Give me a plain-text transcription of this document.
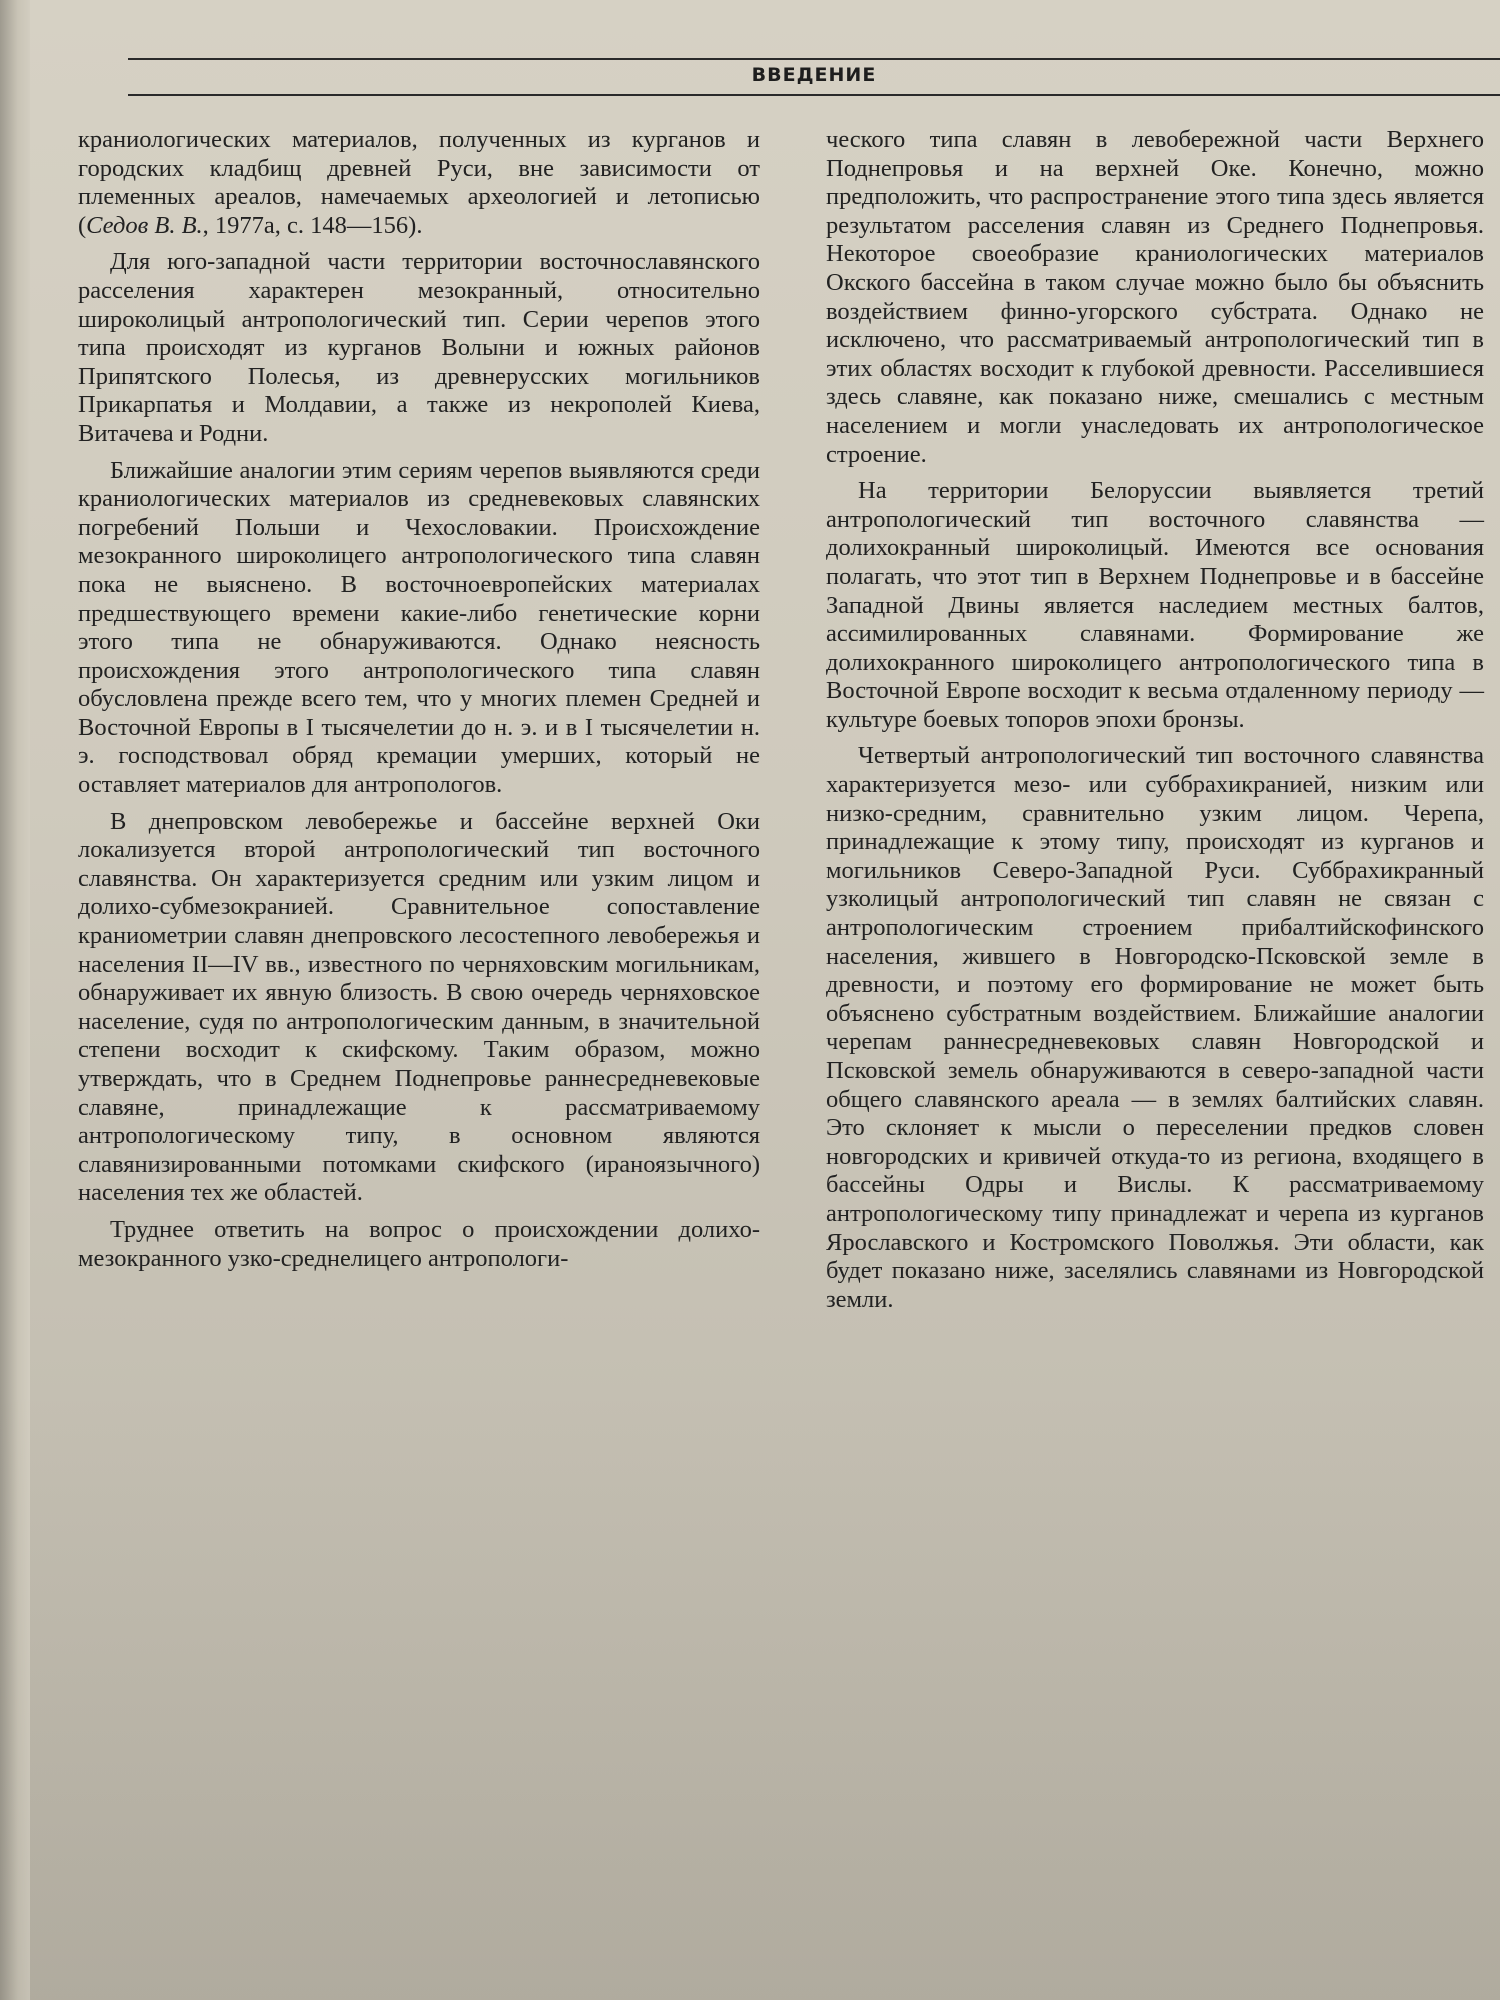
ВВЕДЕНИЕ

краниологических материалов, полученных из курганов и городских кладбищ древней Руси, вне зависимости от племенных ареалов, намечаемых археологией и летописью (Седов В. В., 1977а, с. 148—156).

Для юго-западной части территории восточнославянского расселения характерен мезокранный, относительно широколицый антропологический тип. Серии черепов этого типа происходят из курганов Волыни и южных районов Припятского Полесья, из древнерусских могильников Прикарпатья и Молдавии, а также из некрополей Киева, Витачева и Родни.

Ближайшие аналогии этим сериям черепов выявляются среди краниологических материалов из средневековых славянских погребений Польши и Чехословакии. Происхождение мезокранного широколицего антропологического типа славян пока не выяснено. В восточноевропейских материалах предшествующего времени какие-либо генетические корни этого типа не обнаруживаются. Однако неясность происхождения этого антропологического типа славян обусловлена прежде всего тем, что у многих племен Средней и Восточной Европы в I тысячелетии до н. э. и в I тысячелетии н. э. господствовал обряд кремации умерших, который не оставляет материалов для антропологов.

В днепровском левобережье и бассейне верхней Оки локализуется второй антропологический тип восточного славянства. Он характеризуется средним или узким лицом и долихо-субмезокранией. Сравнительное сопоставление краниометрии славян днепровского лесостепного левобережья и населения II—IV вв., известного по черняховским могильникам, обнаруживает их явную близость. В свою очередь черняховское население, судя по антропологическим данным, в значительной степени восходит к скифскому. Таким образом, можно утверждать, что в Среднем Поднепровье раннесредневековые славяне, принадлежащие к рассматриваемому антропологическому типу, в основном являются славянизированными потомками скифского (ираноязычного) населения тех же областей.

Труднее ответить на вопрос о происхождении долихо-мезокранного узко-среднелицего антропологи-

ческого типа славян в левобережной части Верхнего Поднепровья и на верхней Оке. Конечно, можно предположить, что распространение этого типа здесь является результатом расселения славян из Среднего Поднепровья. Некоторое своеобразие краниологических материалов Окского бассейна в таком случае можно было бы объяснить воздействием финно-угорского субстрата. Однако не исключено, что рассматриваемый антропологический тип в этих областях восходит к глубокой древности. Расселившиеся здесь славяне, как показано ниже, смешались с местным населением и могли унаследовать их антропологическое строение.

На территории Белоруссии выявляется третий антропологический тип восточного славянства — долихокранный широколицый. Имеются все основания полагать, что этот тип в Верхнем Поднепровье и в бассейне Западной Двины является наследием местных балтов, ассимилированных славянами. Формирование же долихокранного широколицего антропологического типа в Восточной Европе восходит к весьма отдаленному периоду — культуре боевых топоров эпохи бронзы.

Четвертый антропологический тип восточного славянства характеризуется мезо- или суббрахикранией, низким или низко-средним, сравнительно узким лицом. Черепа, принадлежащие к этому типу, происходят из курганов и могильников Северо-Западной Руси. Суббрахикранный узколицый антропологический тип славян не связан с антропологическим строением прибалтийскофинского населения, жившего в Новгородско-Псковской земле в древности, и поэтому его формирование не может быть объяснено субстратным воздействием. Ближайшие аналогии черепам раннесредневековых славян Новгородской и Псковской земель обнаруживаются в северо-западной части общего славянского ареала — в землях балтийских славян. Это склоняет к мысли о переселении предков словен новгородских и кривичей откуда-то из региона, входящего в бассейны Одры и Вислы. К рассматриваемому антропологическому типу принадлежат и черепа из курганов Ярославского и Костромского Поволжья. Эти области, как будет показано ниже, заселялись славянами из Новгородской земли.
